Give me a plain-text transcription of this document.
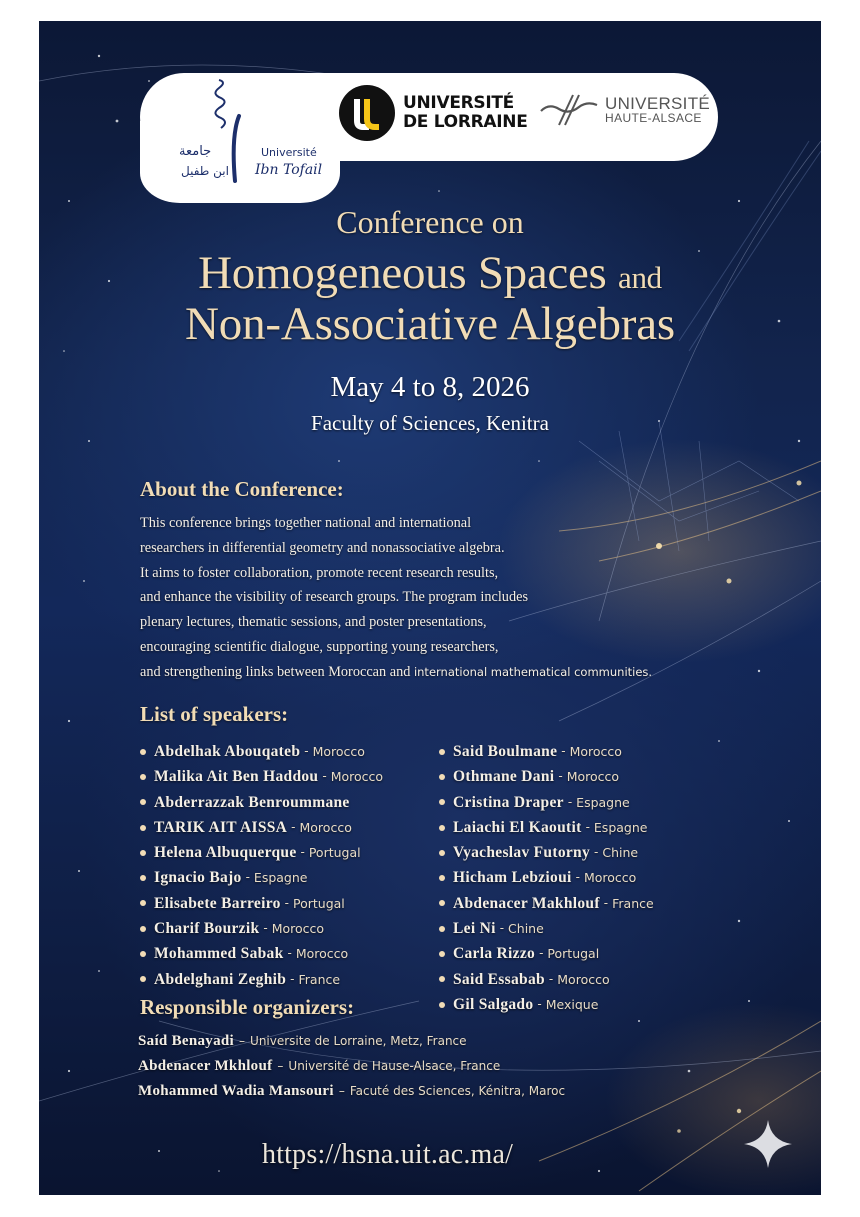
جامعة
ابن طفيل
Université
Ibn Tofail
UNIVERSITÉ
DE LORRAINE
UNIVERSITÉ
HAUTE-ALSACE
Conference on
Homogeneous Spaces and
Non-Associative Algebras
May 4 to 8, 2026
Faculty of Sciences, Kenitra
About the Conference:
This conference brings together national and international
researchers in differential geometry and nonassociative algebra.
It aims to foster collaboration, promote recent research results,
and enhance the visibility of research groups. The program includes
plenary lectures, thematic sessions, and poster presentations,
encouraging scientific dialogue, supporting young researchers,
and strengthening links between Moroccan and international mathematical communities.
List of speakers:
Abdelhak Abouqateb - Morocco
Malika Ait Ben Haddou - Morocco
Abderrazzak Benroummane
TARIK AIT AISSA - Morocco
Helena Albuquerque - Portugal
Ignacio Bajo - Espagne
Elisabete Barreiro - Portugal
Charif Bourzik - Morocco
Mohammed Sabak - Morocco
Abdelghani Zeghib - France
Said Boulmane - Morocco
Othmane Dani - Morocco
Cristina Draper - Espagne
Laiachi El Kaoutit - Espagne
Vyacheslav Futorny - Chine
Hicham Lebzioui - Morocco
Abdenacer Makhlouf - France
Lei Ni - Chine
Carla Rizzo - Portugal
Said Essabab - Morocco
Gil Salgado - Mexique
Responsible organizers:
Saíd Benayadi – Universite de Lorraine, Metz, France
Abdenacer Mkhlouf – Université de Hause-Alsace, France
Mohammed Wadia Mansouri – Facuté des Sciences, Kénitra, Maroc
https://hsna.uit.ac.ma/
